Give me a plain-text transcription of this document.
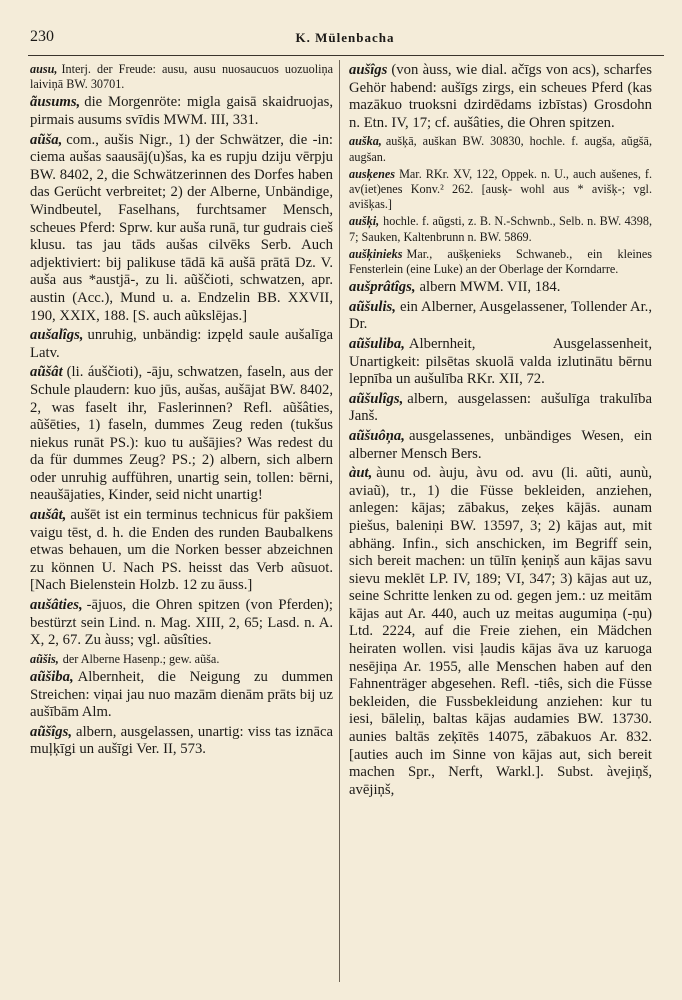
230	K. Mülenbacha

ausu, Interj. der Freude: ausu, ausu nuosaucuos uozuoliņa laiviņā BW. 30701.

ãusums, die Morgenröte: migla gaisā skaidruojas, pirmais ausums svīdis MWM. III, 331.

aũša, com., aušis Nigr., 1) der Schwätzer, die -in: ciema aušas saausāj(u)šas, ka es rupju dziju vērpju BW. 8402, 2, die Schwätzerinnen des Dorfes haben das Gerücht verbreitet; 2) der Alberne, Unbändige, Windbeutel, Faselhans, furchtsamer Mensch, scheues Pferd: Sprw. kur auša runā, tur gudrais cieš klusu. tas jau tāds aušas cilvēks Serb. Auch adjektiviert: bij palikuse tādā kā aušā prātā Dz. V. auša aus *austjā-, zu li. aũščioti, schwatzen, apr. austin (Acc.), Mund u. a. Endzelin BB. XXVII, 190, XXIX, 188. [S. auch aũkslējas.]

aušalîgs, unruhig, unbändig: izpęld saule aušalīga Latv.

aũšât (li. áuščioti), -āju, schwatzen, faseln, aus der Schule plaudern: kuo jūs, aušas, aušājat BW. 8402, 2, was faselt ihr, Faslerinnen? Refl. aũšâties, aũšēties, 1) faseln, dummes Zeug reden (tukšus niekus runāt PS.): kuo tu aušājies? Was redest du da für dummes Zeug? PS.; 2) albern, sich albern oder unruhig aufführen, unartig sein, tollen: bērni, neaušājaties, Kinder, seid nicht unartig!

aušât, aušēt ist ein terminus technicus für pakšiem vaigu tēst, d. h. die Enden des runden Baubalkens etwas behauen, um die Norken besser abzeichnen zu können U. Nach PS. heisst das Verb aũsuot. [Nach Bielenstein Holzb. 12 zu āuss.]

aušâties, -ājuos, die Ohren spitzen (von Pferden); bestürzt sein Lind. n. Mag. XIII, 2, 65; Lasd. n. A. X, 2, 67. Zu àuss; vgl. aũsîties.

aũšis, der Alberne Hasenp.; gew. aũša.

aũšiba, Albernheit, die Neigung zu dummen Streichen: viņai jau nuo mazām dienām prāts bij uz aušībām Alm.

aũšîgs, albern, ausgelassen, unartig: viss tas iznāca muļķīgi un aušīgi Ver. II, 573.

aušîgs (von àuss, wie dial. ačīgs von acs), scharfes Gehör habend: aušīgs zirgs, ein scheues Pferd (kas mazākuo truoksni dzirdēdams izbīstas) Grosdohn n. Etn. IV, 17; cf. aušâties, die Ohren spitzen.

auška, aušķā, auškan BW. 30830, hochle. f. augša, aũgšā, augšan.

ausķenes Mar. RKr. XV, 122, Oppek. n. U., auch aušenes, f. av(iet)enes Konv.² 262. [ausķ- wohl aus * avišķ-; vgl. avišķas.]

aušķi, hochle. f. aũgsti, z. B. N.-Schwnb., Selb. n. BW. 4398, 7; Sauken, Kaltenbrunn n. BW. 5869.

aušķinieks Mar., aušķenieks Schwaneb., ein kleines Fensterlein (eine Luke) an der Oberlage der Korndarre.

aušprâtîgs, albern MWM. VII, 184.

aũšulis, ein Alberner, Ausgelassener, Tollender Ar., Dr.

aũšuliba, Albernheit, Ausgelassenheit, Unartigkeit: pilsētas skuolā valda izlutinātu bērnu lepnība un aušulība RKr. XII, 72.

aũšulîgs, albern, ausgelassen: aušulīga trakulība Janš.

aũšuôņa, ausgelassenes, unbändiges Wesen, ein alberner Mensch Bers.

àut, àunu od. àuju, àvu od. avu (li. aũti, aunù, aviaũ), tr., 1) die Füsse bekleiden, anziehen, anlegen: kājas; zābakus, zeķes kājās. aunam piešus, baleniņi BW. 13597, 3; 2) kājas aut, mit abhäng. Infin., sich anschicken, im Begriff sein, sich bereit machen: un tūlīn ķeniņš aun kājas savu sievu meklēt LP. IV, 189; VI, 347; 3) kājas aut uz, seine Schritte lenken zu od. gegen jem.: uz meitām kājas aut Ar. 440, auch uz meitas augumiņa (-ņu) Ltd. 2224, auf die Freie ziehen, ein Mädchen heiraten wollen. visi ļaudis kājas āva uz karuoga nesējiņa Ar. 1955, alle Menschen haben auf den Fahnenträger abgesehen. Refl. -tiês, sich die Füsse bekleiden, die Fussbekleidung anziehen: kur tu iesi, bāleliņ, baltas kājas audamies BW. 13730. aunies baltās zeķītēs 14075, zābakuos Ar. 832. [auties auch im Sinne von kājas aut, sich bereit machen Spr., Nerft, Warkl.]. Subst. àvejiņš, avējiņš,
